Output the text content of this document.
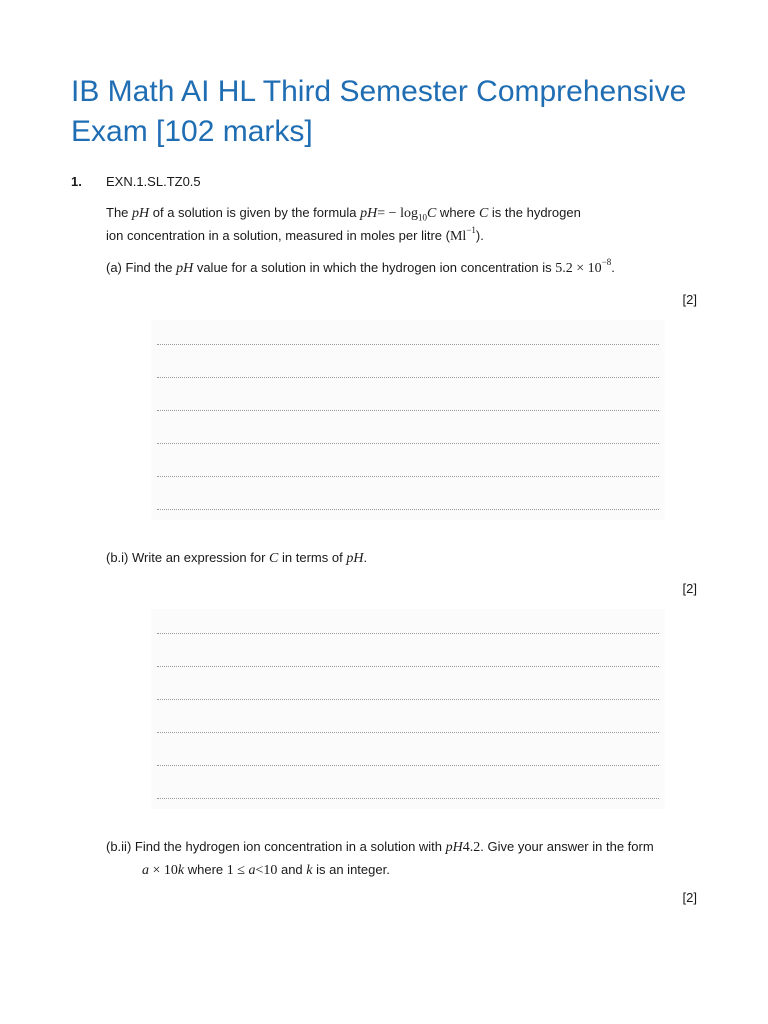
IB Math AI HL Third Semester Comprehensive Exam [102 marks]
1. EXN.1.SL.TZ0.5
The pH of a solution is given by the formula $pH= - \log_{10}C$ where C is the hydrogen
ion concentration in a solution, measured in moles per litre $(Ml^{-1})$.
(a) Find the pH value for a solution in which the hydrogen ion concentration is $5.2 \times 10^{-8}$.
[2]
(b.i) Write an expression for C in terms of pH.
[2]
(b.ii) Find the hydrogen ion concentration in a solution with pH4.2. Give your answer in the form
a × 10k where 1 ≤ a<10 and k is an integer.
[2]
